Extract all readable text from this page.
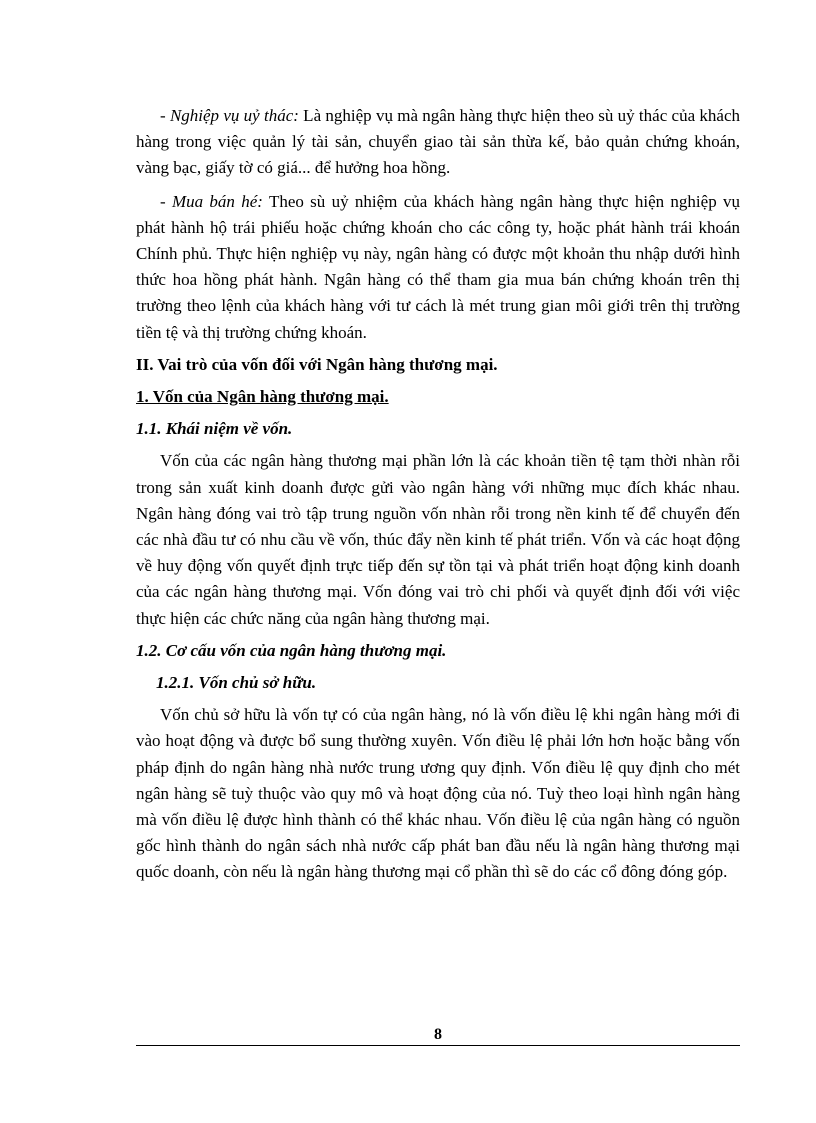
- Nghiệp vụ uỷ thác: Là nghiệp vụ mà ngân hàng thực hiện theo sù uỷ thác của khách hàng trong việc quản lý tài sản, chuyển giao tài sản thừa kế, bảo quản chứng khoán, vàng bạc, giấy tờ có giá... để hưởng hoa hồng.

- Mua bán hé: Theo sù uỷ nhiệm của khách hàng ngân hàng thực hiện nghiệp vụ phát hành hộ trái phiếu hoặc chứng khoán cho các công ty, hoặc phát hành trái khoán Chính phủ. Thực hiện nghiệp vụ này, ngân hàng có được một khoản thu nhập dưới hình thức hoa hồng phát hành. Ngân hàng có thể tham gia mua bán chứng khoán trên thị trường theo lệnh của khách hàng với tư cách là mét trung gian môi giới trên thị trường tiền tệ và thị trường chứng khoán.

II. Vai trò của vốn đối với Ngân hàng thương mại.

1. Vốn của Ngân hàng thương mại.

1.1. Khái niệm về vốn.

Vốn của các ngân hàng thương mại phần lớn là các khoản tiền tệ tạm thời nhàn rỗi trong sản xuất kinh doanh được gửi vào ngân hàng với những mục đích khác nhau. Ngân hàng đóng vai trò tập trung nguồn vốn nhàn rỗi trong nền kinh tế để chuyển đến các nhà đầu tư có nhu cầu về vốn, thúc đẩy nền kinh tế phát triển. Vốn và các hoạt động về huy động vốn quyết định trực tiếp đến sự tồn tại và phát triển hoạt động kinh doanh của các ngân hàng thương mại. Vốn đóng vai trò chi phối và quyết định đối với việc thực hiện các chức năng của ngân hàng thương mại.

1.2. Cơ cấu vốn của ngân hàng thương mại.

1.2.1. Vốn chủ sở hữu.

Vốn chủ sở hữu là vốn tự có của ngân hàng, nó là vốn điều lệ khi ngân hàng mới đi vào hoạt động và được bổ sung thường xuyên. Vốn điều lệ phải lớn hơn hoặc bằng vốn pháp định do ngân hàng nhà nước trung ương quy định. Vốn điều lệ quy định cho mét ngân hàng sẽ tuỳ thuộc vào quy mô và hoạt động của nó. Tuỳ theo loại hình ngân hàng mà vốn điều lệ được hình thành có thể khác nhau. Vốn điều lệ của ngân hàng có nguồn gốc hình thành do ngân sách nhà nước cấp phát ban đầu nếu là ngân hàng thương mại quốc doanh, còn nếu là ngân hàng thương mại cổ phần thì sẽ do các cổ đông đóng góp.

8
